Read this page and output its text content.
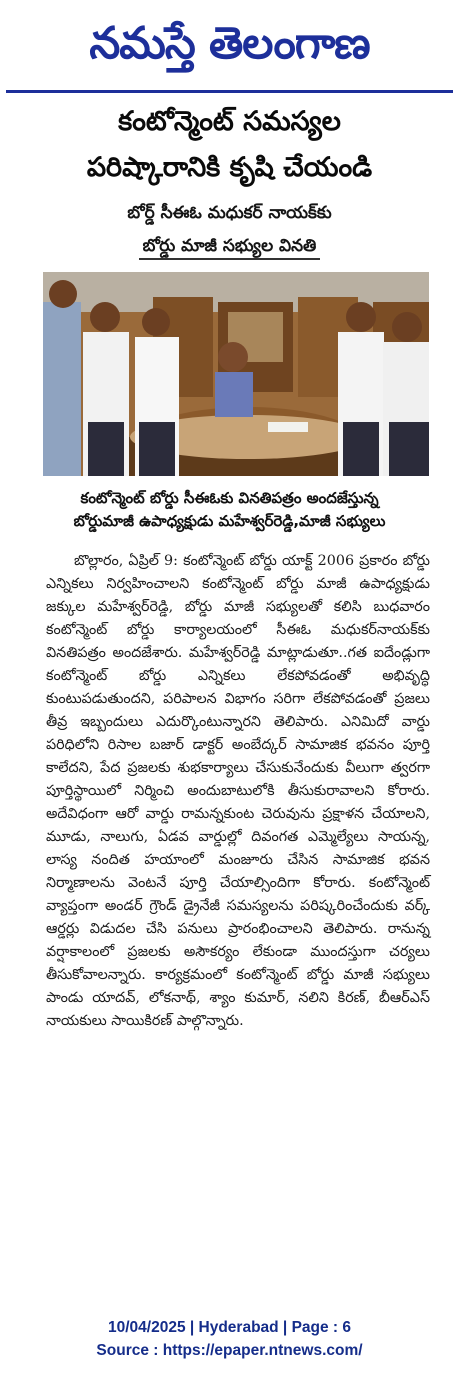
నమస్తే తెలంగాణ
కంటోన్మెంట్ సమస్యల
పరిష్కారానికి కృషి చేయండి
బోర్డ్ సీఈఓ మధుకర్ నాయక్‌కు
బోర్డు మాజీ సభ్యుల వినతి
కంటోన్మెంట్ బోర్డు సీఈఓకు వినతిపత్రం అందజేస్తున్న
బోర్డుమాజీ ఉపాధ్యక్షుడు మహేశ్వర్‌రెడ్డి,మాజీ సభ్యులు

బొల్లారం, ఏప్రిల్ 9: కంటోన్మెంట్ బోర్డు యాక్ట్ 2006 ప్రకారం బోర్డు ఎన్నికలు నిర్వహించాలని కంటోన్మెంట్ బోర్డు మాజీ ఉపాధ్యక్షుడు జక్కుల మహేశ్వర్‌రెడ్డి, బోర్డు మాజీ సభ్యులతో కలిసి బుధవారం కంటోన్మెంట్ బోర్డు కార్యాలయంలో సీఈఓ మధుకర్‌నాయక్‌కు వినతిపత్రం అందజేశారు. మహేశ్వర్‌రెడ్డి మాట్లాడుతూ..గత ఐదేండ్లుగా కంటోన్మెంట్ బోర్డు ఎన్నికలు లేకపోవడంతో అభివృద్ధి కుంటుపడుతుందని, పరిపాలన విభాగం సరిగా లేకపోవడంతో ప్రజలు తీవ్ర ఇబ్బందులు ఎదుర్కొంటున్నారని తెలిపారు. ఎనిమిదో వార్డు పరిధిలోని రిసాల బజార్ డాక్టర్ అంబేద్కర్ సామాజిక భవనం పూర్తి కాలేదని, పేద ప్రజలకు శుభకార్యాలు చేసుకునేందుకు వీలుగా త్వరగా పూర్తిస్థాయిలో నిర్మించి అందుబాటులోకి తీసుకురావాలని కోరారు. అదేవిధంగా ఆరో వార్డు రామన్నకుంట చెరువును ప్రక్షాళన చేయాలని, మూడు, నాలుగు, ఏడవ వార్డుల్లో దివంగత ఎమ్మెల్యేలు సాయన్న, లాస్య నందిత హయాంలో మంజూరు చేసిన సామాజిక భవన నిర్మాణాలను వెంటనే పూర్తి చేయాల్సిందిగా కోరారు. కంటోన్మెంట్ వ్యాప్తంగా అండర్ గ్రౌండ్ డ్రైనేజీ సమస్యలను పరిష్కరించేందుకు వర్క్ ఆర్డర్లు విడుదల చేసి పనులు ప్రారంభించాలని తెలిపారు. రానున్న వర్షాకాలంలో ప్రజలకు అసౌకర్యం లేకుండా ముందస్తుగా చర్యలు తీసుకోవాలన్నారు. కార్యక్రమంలో కంటోన్మెంట్ బోర్డు మాజీ సభ్యులు పాండు యాదవ్, లోకనాథ్, శ్యాం కుమార్, నలిని కిరణ్, బీఆర్ఎస్ నాయకులు సాయికిరణ్ పాల్గొన్నారు.

10/04/2025 | Hyderabad | Page : 6
Source : https://epaper.ntnews.com/
